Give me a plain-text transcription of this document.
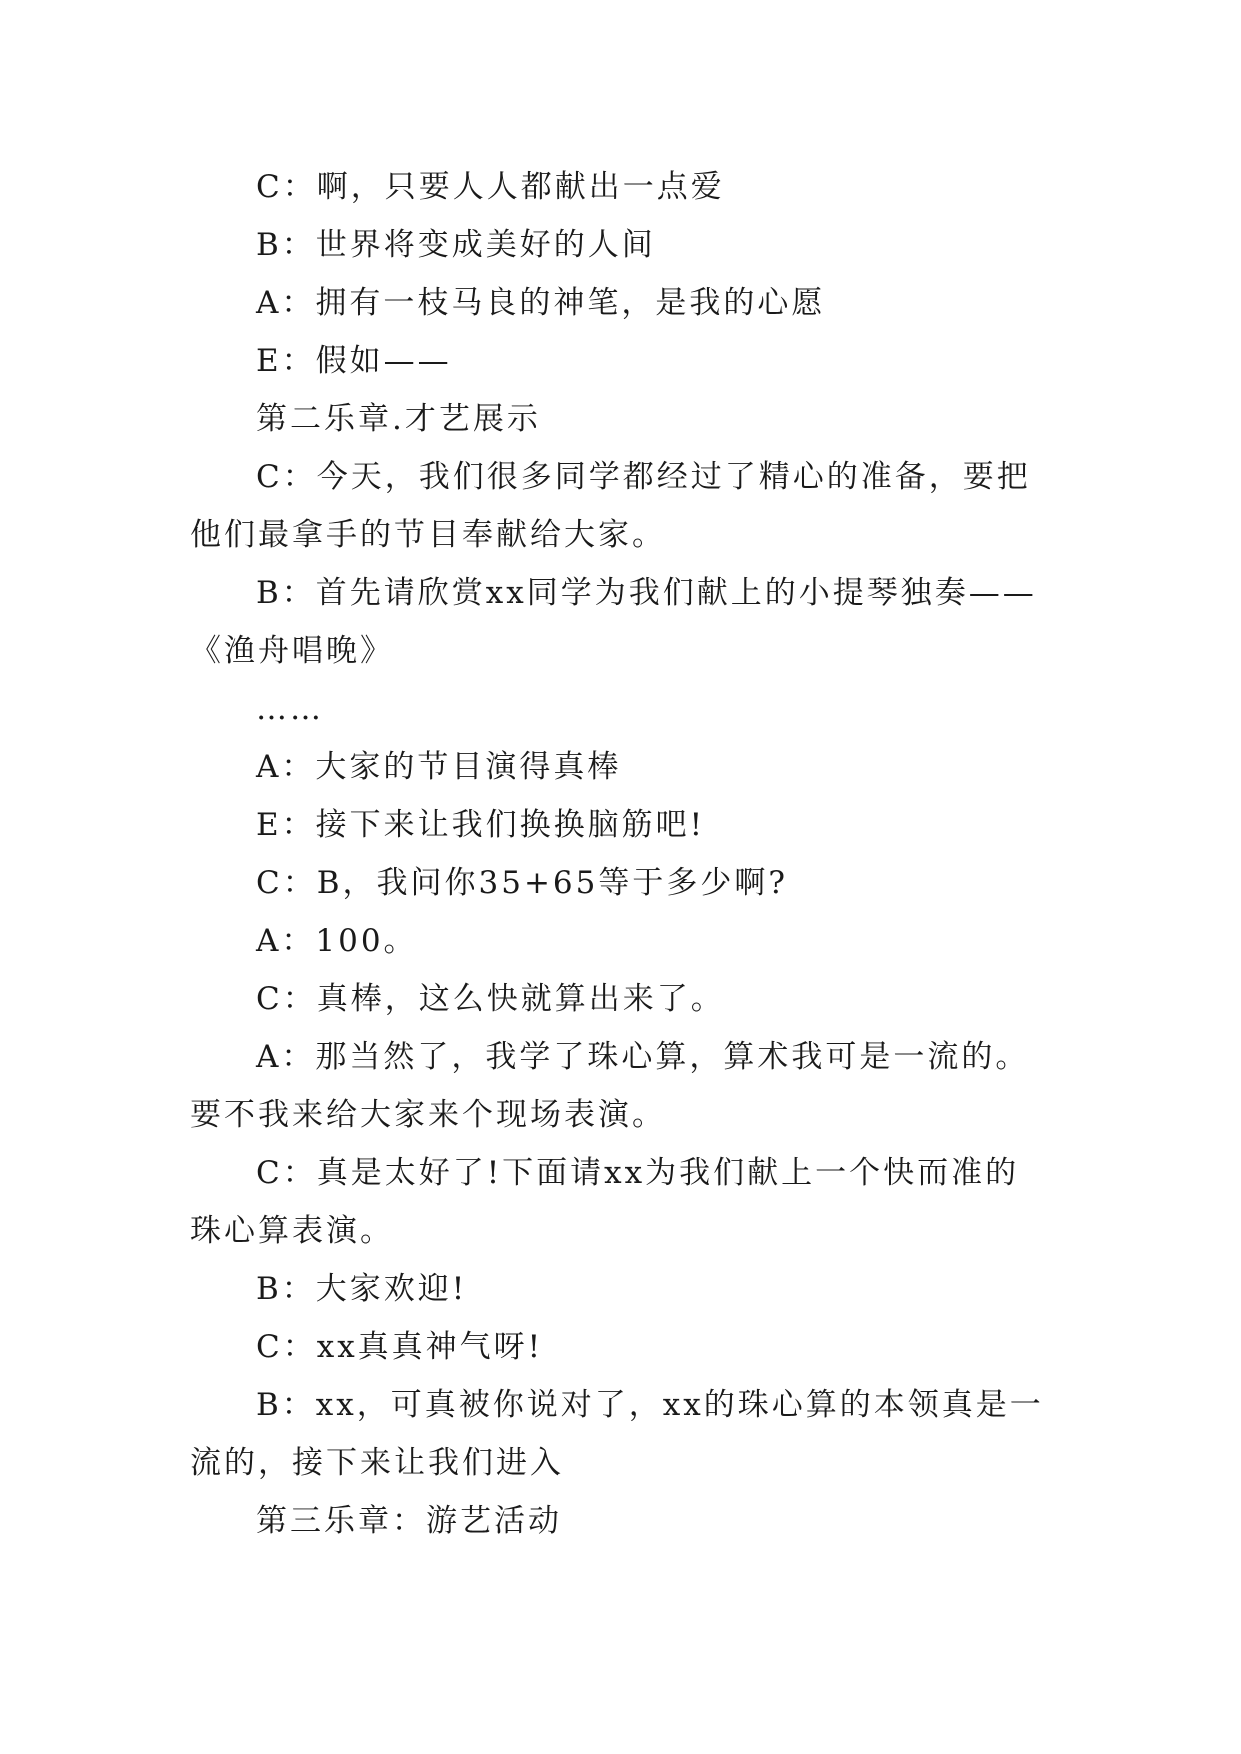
C：啊，只要人人都献出一点爱

B：世界将变成美好的人间

A：拥有一枝马良的神笔，是我的心愿

E：假如——

第二乐章.才艺展示

C：今天，我们很多同学都经过了精心的准备，要把他们最拿手的节目奉献给大家。

B：首先请欣赏xx同学为我们献上的小提琴独奏——《渔舟唱晚》

……

A：大家的节目演得真棒

E：接下来让我们换换脑筋吧!

C：B，我问你35+65等于多少啊?

A：100。

C：真棒，这么快就算出来了。

A：那当然了，我学了珠心算，算术我可是一流的。要不我来给大家来个现场表演。

C：真是太好了!下面请xx为我们献上一个快而准的珠心算表演。

B：大家欢迎!

C：xx真真神气呀!

B：xx，可真被你说对了，xx的珠心算的本领真是一流的，接下来让我们进入

第三乐章：游艺活动
